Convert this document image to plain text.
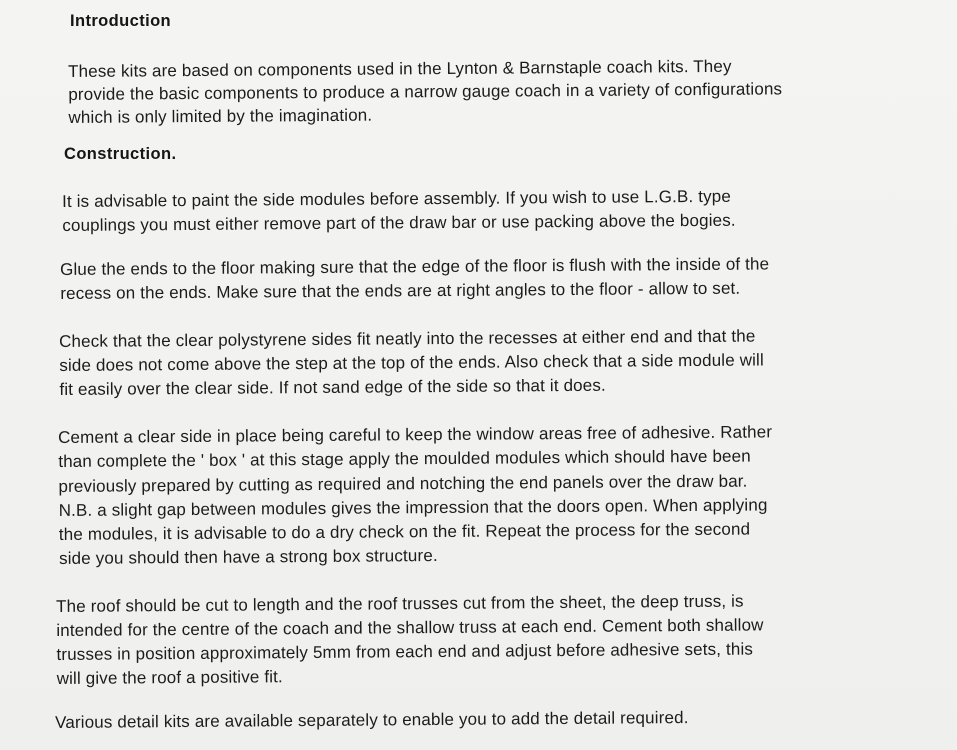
Introduction
These kits are based on components used in the Lynton & Barnstaple coach kits. They
provide the basic components to produce a narrow gauge coach in a variety of configurations
which is only limited by the imagination.
Construction.
It is advisable to paint the side modules before assembly. If you wish to use L.G.B. type
couplings you must either remove part of the draw bar or use packing above the bogies.
Glue the ends to the floor making sure that the edge of the floor is flush with the inside of the
recess on the ends. Make sure that the ends are at right angles to the floor - allow to set.
Check that the clear polystyrene sides fit neatly into the recesses at either end and that the
side does not come above the step at the top of the ends. Also check that a side module will
fit easily over the clear side. If not sand edge of the side so that it does.
Cement a clear side in place being careful to keep the window areas free of adhesive. Rather
than complete the ' box ' at this stage apply the moulded modules which should have been
previously prepared by cutting as required and notching the end panels over the draw bar.
N.B. a slight gap between modules gives the impression that the doors open. When applying
the modules, it is advisable to do a dry check on the fit. Repeat the process for the second
side you should then have a strong box structure.
The roof should be cut to length and the roof trusses cut from the sheet, the deep truss, is
intended for the centre of the coach and the shallow truss at each end. Cement both shallow
trusses in position approximately 5mm from each end and adjust before adhesive sets, this
will give the roof a positive fit.
Various detail kits are available separately to enable you to add the detail required.
